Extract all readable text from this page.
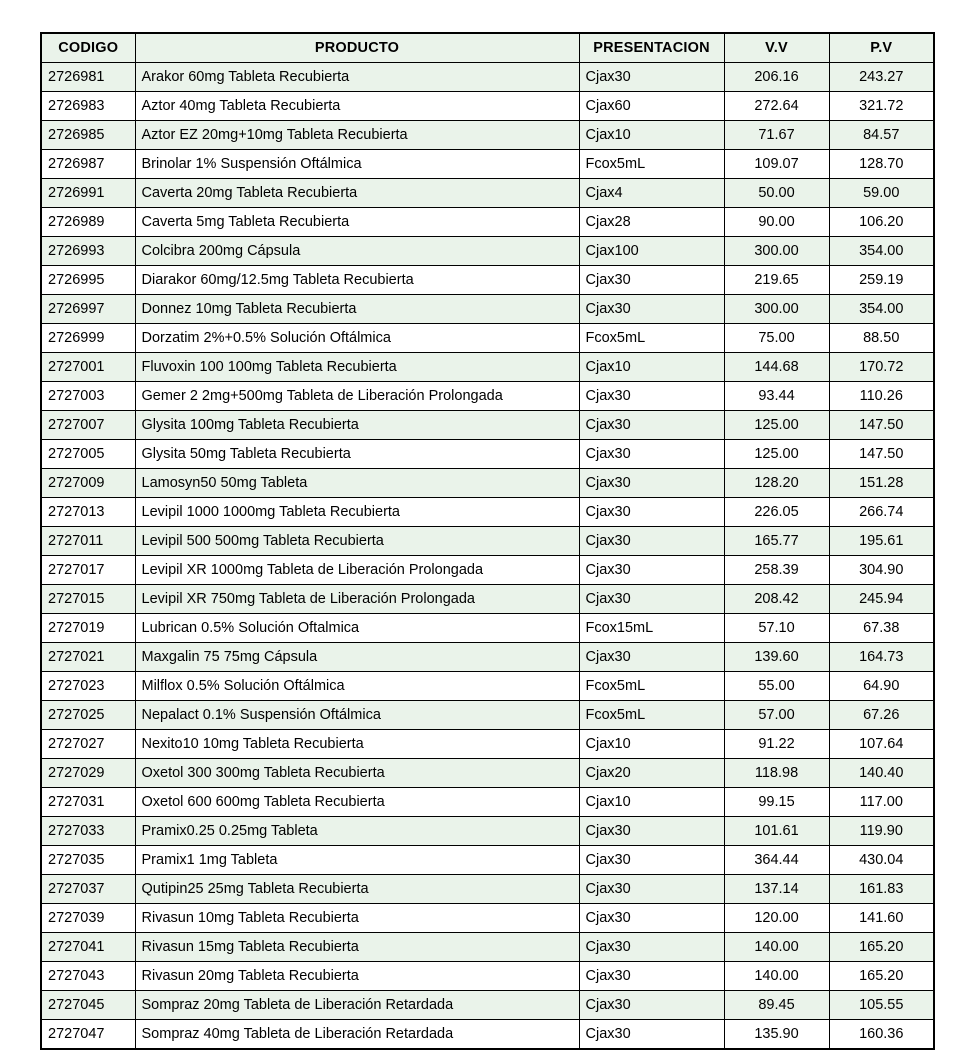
CODIGO	PRODUCTO	PRESENTACION	V.V	P.V
2726981	Arakor 60mg Tableta Recubierta	Cjax30	206.16	243.27
2726983	Aztor 40mg Tableta Recubierta	Cjax60	272.64	321.72
2726985	Aztor EZ 20mg+10mg Tableta Recubierta	Cjax10	71.67	84.57
2726987	Brinolar 1% Suspensión Oftálmica	Fcox5mL	109.07	128.70
2726991	Caverta 20mg Tableta Recubierta	Cjax4	50.00	59.00
2726989	Caverta 5mg Tableta Recubierta	Cjax28	90.00	106.20
2726993	Colcibra 200mg Cápsula	Cjax100	300.00	354.00
2726995	Diarakor 60mg/12.5mg Tableta Recubierta	Cjax30	219.65	259.19
2726997	Donnez 10mg Tableta Recubierta	Cjax30	300.00	354.00
2726999	Dorzatim 2%+0.5% Solución Oftálmica	Fcox5mL	75.00	88.50
2727001	Fluvoxin 100 100mg Tableta Recubierta	Cjax10	144.68	170.72
2727003	Gemer 2 2mg+500mg Tableta de Liberación Prolongada	Cjax30	93.44	110.26
2727007	Glysita 100mg Tableta Recubierta	Cjax30	125.00	147.50
2727005	Glysita 50mg Tableta Recubierta	Cjax30	125.00	147.50
2727009	Lamosyn50 50mg Tableta	Cjax30	128.20	151.28
2727013	Levipil 1000 1000mg Tableta Recubierta	Cjax30	226.05	266.74
2727011	Levipil 500 500mg Tableta Recubierta	Cjax30	165.77	195.61
2727017	Levipil XR 1000mg Tableta de Liberación Prolongada	Cjax30	258.39	304.90
2727015	Levipil XR 750mg Tableta de Liberación Prolongada	Cjax30	208.42	245.94
2727019	Lubrican 0.5% Solución Oftalmica	Fcox15mL	57.10	67.38
2727021	Maxgalin 75 75mg Cápsula	Cjax30	139.60	164.73
2727023	Milflox 0.5% Solución Oftálmica	Fcox5mL	55.00	64.90
2727025	Nepalact 0.1% Suspensión Oftálmica	Fcox5mL	57.00	67.26
2727027	Nexito10 10mg Tableta Recubierta	Cjax10	91.22	107.64
2727029	Oxetol 300 300mg Tableta Recubierta	Cjax20	118.98	140.40
2727031	Oxetol 600 600mg Tableta Recubierta	Cjax10	99.15	117.00
2727033	Pramix0.25 0.25mg Tableta	Cjax30	101.61	119.90
2727035	Pramix1 1mg Tableta	Cjax30	364.44	430.04
2727037	Qutipin25 25mg Tableta Recubierta	Cjax30	137.14	161.83
2727039	Rivasun 10mg Tableta Recubierta	Cjax30	120.00	141.60
2727041	Rivasun 15mg Tableta Recubierta	Cjax30	140.00	165.20
2727043	Rivasun 20mg Tableta Recubierta	Cjax30	140.00	165.20
2727045	Sompraz 20mg Tableta de Liberación Retardada	Cjax30	89.45	105.55
2727047	Sompraz 40mg Tableta de Liberación Retardada	Cjax30	135.90	160.36
